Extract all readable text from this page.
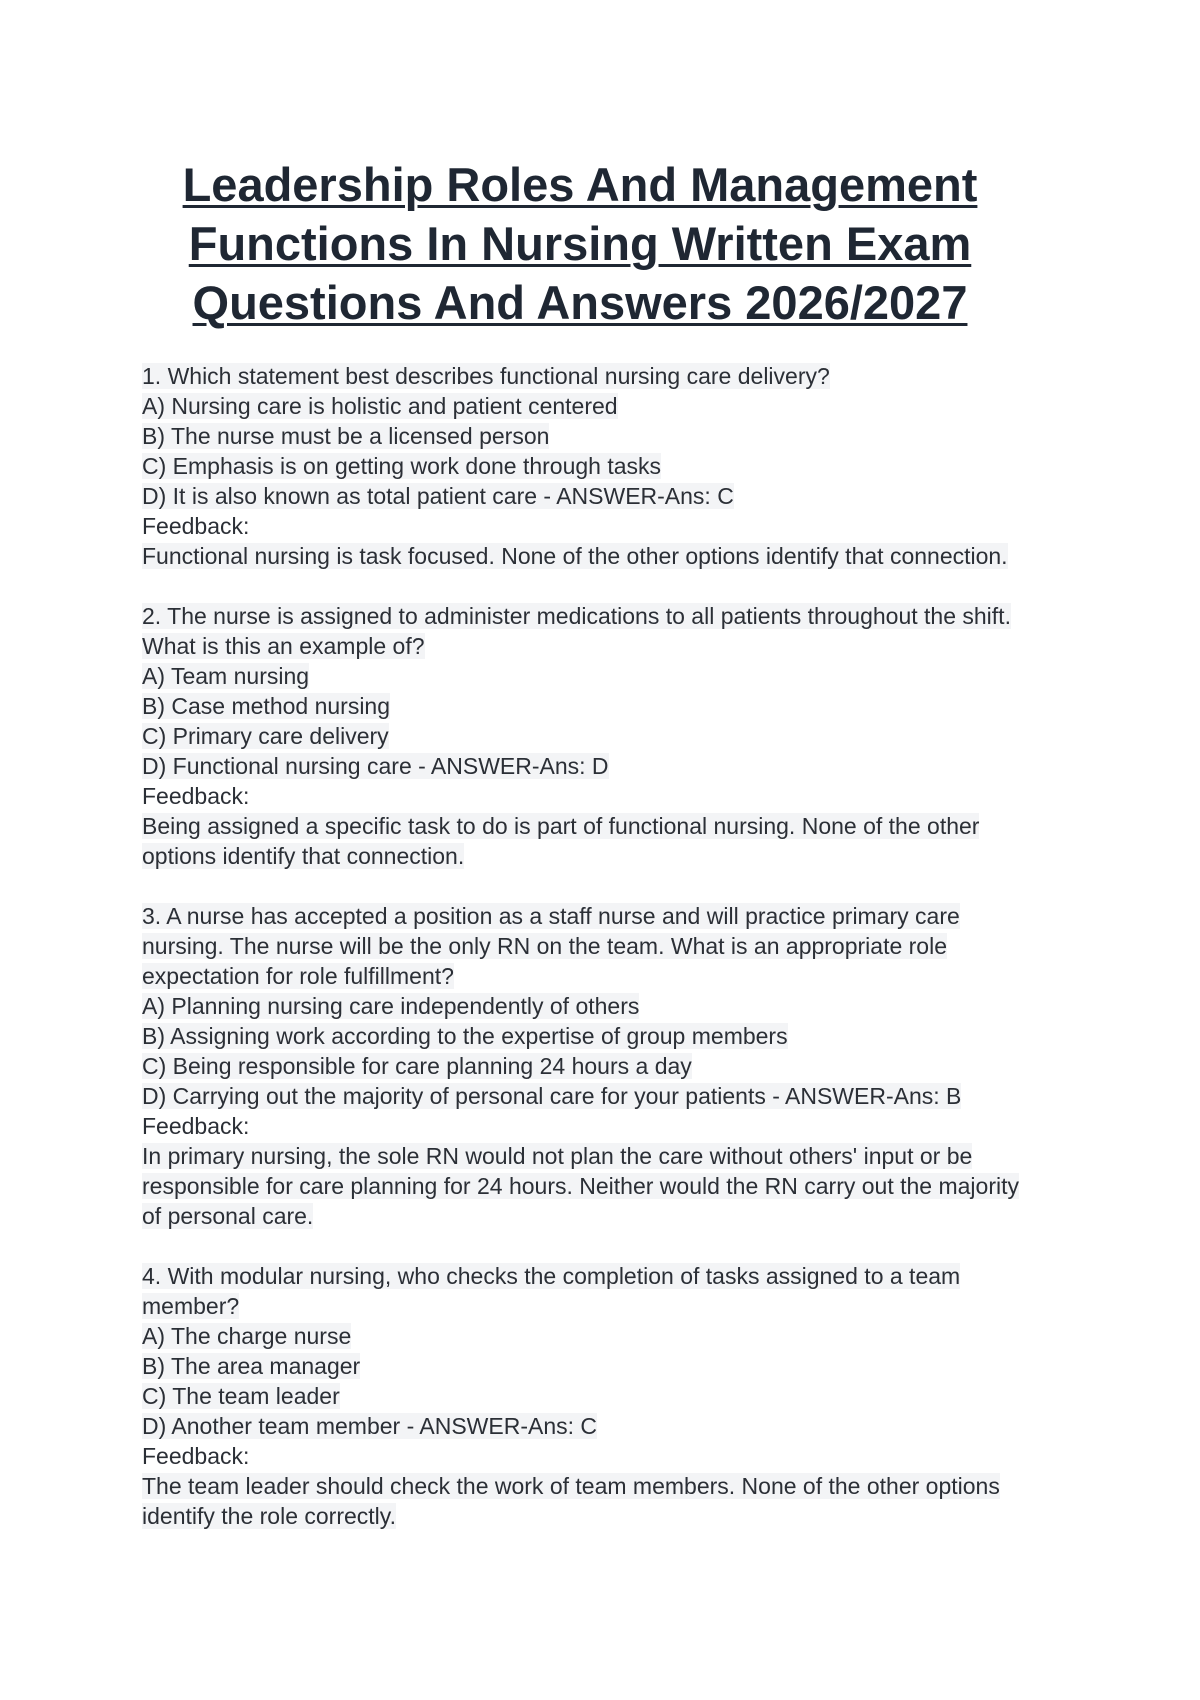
Leadership Roles And Management
Functions In Nursing Written Exam
Questions And Answers 2026/2027
1. Which statement best describes functional nursing care delivery?
A) Nursing care is holistic and patient centered
B) The nurse must be a licensed person
C) Emphasis is on getting work done through tasks
D) It is also known as total patient care - ANSWER-Ans: C
Feedback:
Functional nursing is task focused. None of the other options identify that connection.
2. The nurse is assigned to administer medications to all patients throughout the shift.
What is this an example of?
A) Team nursing
B) Case method nursing
C) Primary care delivery
D) Functional nursing care - ANSWER-Ans: D
Feedback:
Being assigned a specific task to do is part of functional nursing. None of the other
options identify that connection.
3. A nurse has accepted a position as a staff nurse and will practice primary care
nursing. The nurse will be the only RN on the team. What is an appropriate role
expectation for role fulfillment?
A) Planning nursing care independently of others
B) Assigning work according to the expertise of group members
C) Being responsible for care planning 24 hours a day
D) Carrying out the majority of personal care for your patients - ANSWER-Ans: B
Feedback:
In primary nursing, the sole RN would not plan the care without others' input or be
responsible for care planning for 24 hours. Neither would the RN carry out the majority
of personal care.
4. With modular nursing, who checks the completion of tasks assigned to a team
member?
A) The charge nurse
B) The area manager
C) The team leader
D) Another team member - ANSWER-Ans: C
Feedback:
The team leader should check the work of team members. None of the other options
identify the role correctly.
